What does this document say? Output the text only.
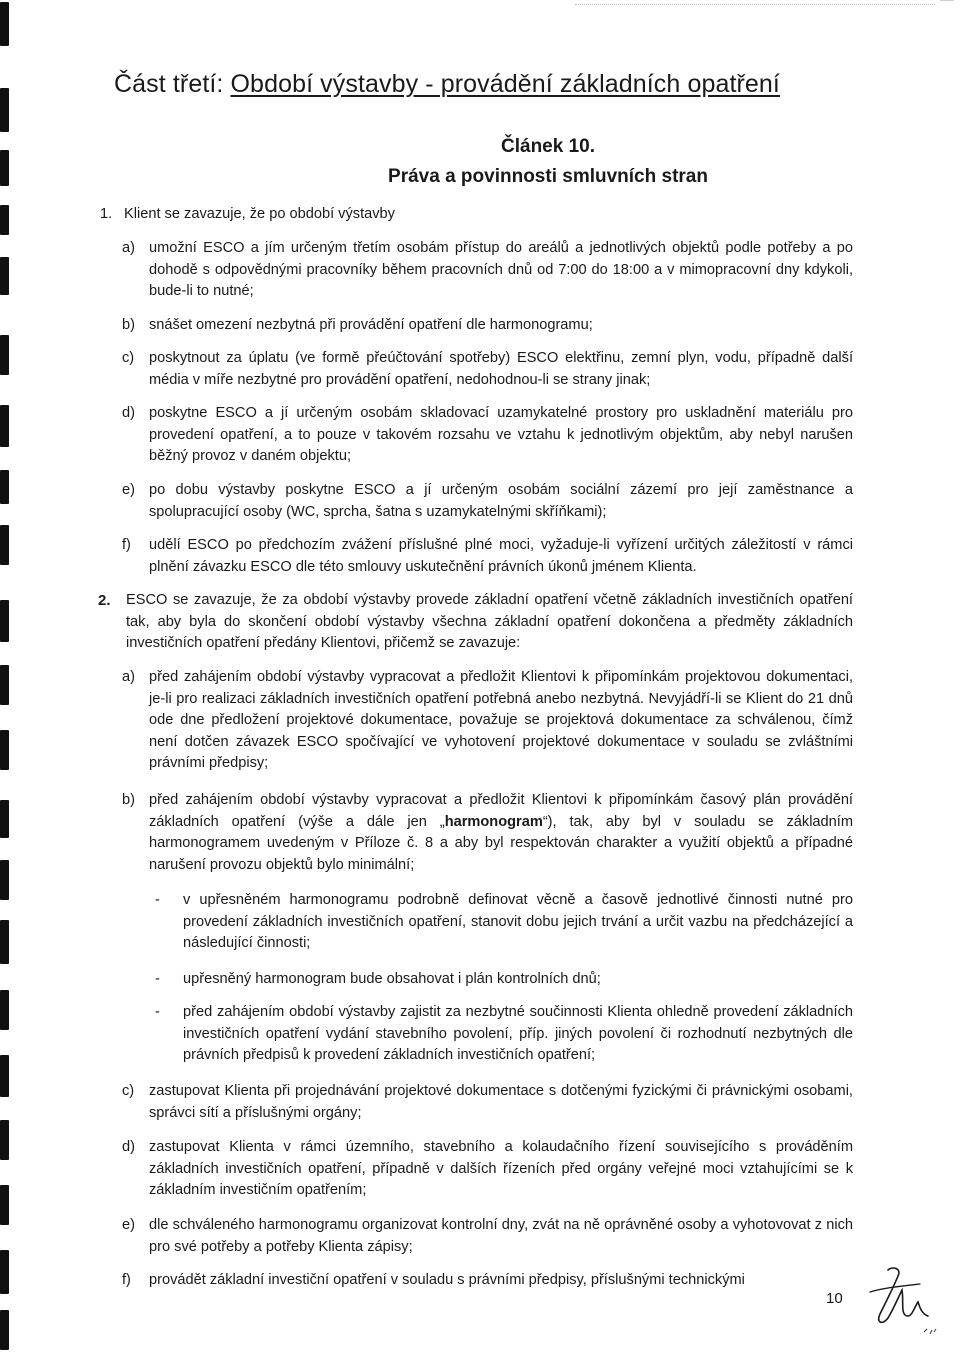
Část třetí: Období výstavby - provádění základních opatření
Článek 10.
Práva a povinnosti smluvních stran
1. Klient se zavazuje, že po období výstavby
a) umožní ESCO a jím určeným třetím osobám přístup do areálů a jednotlivých objektů podle potřeby a po dohodě s odpovědnými pracovníky během pracovních dnů od 7:00 do 18:00 a v mimopracovní dny kdykoli, bude-li to nutné;
b) snášet omezení nezbytná při provádění opatření dle harmonogramu;
c) poskytnout za úplatu (ve formě přeúčtování spotřeby) ESCO elektřinu, zemní plyn, vodu, případně další média v míře nezbytné pro provádění opatření, nedohodnou-li se strany jinak;
d) poskytne ESCO a jí určeným osobám skladovací uzamykatelné prostory pro uskladnění materiálu pro provedení opatření, a to pouze v takovém rozsahu ve vztahu k jednotlivým objektům, aby nebyl narušen běžný provoz v daném objektu;
e) po dobu výstavby poskytne ESCO a jí určeným osobám sociální zázemí pro její zaměstnance a spolupracující osoby (WC, sprcha, šatna s uzamykatelnými skříňkami);
f) udělí ESCO po předchozím zvážení příslušné plné moci, vyžaduje-li vyřízení určitých záležitostí v rámci plnění závazku ESCO dle této smlouvy uskutečnění právních úkonů jménem Klienta.
2. ESCO se zavazuje, že za období výstavby provede základní opatření včetně základních investičních opatření tak, aby byla do skončení období výstavby všechna základní opatření dokončena a předměty základních investičních opatření předány Klientovi, přičemž se zavazuje:
a) před zahájením období výstavby vypracovat a předložit Klientovi k připomínkám projektovou dokumentaci, je-li pro realizaci základních investičních opatření potřebná anebo nezbytná. Nevyjádří-li se Klient do 21 dnů ode dne předložení projektové dokumentace, považuje se projektová dokumentace za schválenou, čímž není dotčen závazek ESCO spočívající ve vyhotovení projektové dokumentace v souladu se zvláštními právními předpisy;
b) před zahájením období výstavby vypracovat a předložit Klientovi k připomínkám časový plán provádění základních opatření (výše a dále jen „harmonogram“), tak, aby byl v souladu se základním harmonogramem uvedeným v Příloze č. 8 a aby byl respektován charakter a využití objektů a případné narušení provozu objektů bylo minimální;
- v upřesněném harmonogramu podrobně definovat věcně a časově jednotlivé činnosti nutné pro provedení základních investičních opatření, stanovit dobu jejich trvání a určit vazbu na předcházející a následující činnosti;
- upřesněný harmonogram bude obsahovat i plán kontrolních dnů;
- před zahájením období výstavby zajistit za nezbytné součinnosti Klienta ohledně provedení základních investičních opatření vydání stavebního povolení, příp. jiných povolení či rozhodnutí nezbytných dle právních předpisů k provedení základních investičních opatření;
c) zastupovat Klienta při projednávání projektové dokumentace s dotčenými fyzickými či právnickými osobami, správci sítí a příslušnými orgány;
d) zastupovat Klienta v rámci územního, stavebního a kolaudačního řízení souvisejícího s prováděním základních investičních opatření, případně v dalších řízeních před orgány veřejné moci vztahujícími se k základním investičním opatřením;
e) dle schváleného harmonogramu organizovat kontrolní dny, zvát na ně oprávněné osoby a vyhotovovat z nich pro své potřeby a potřeby Klienta zápisy;
f) provádět základní investiční opatření v souladu s právními předpisy, příslušnými technickými
10
